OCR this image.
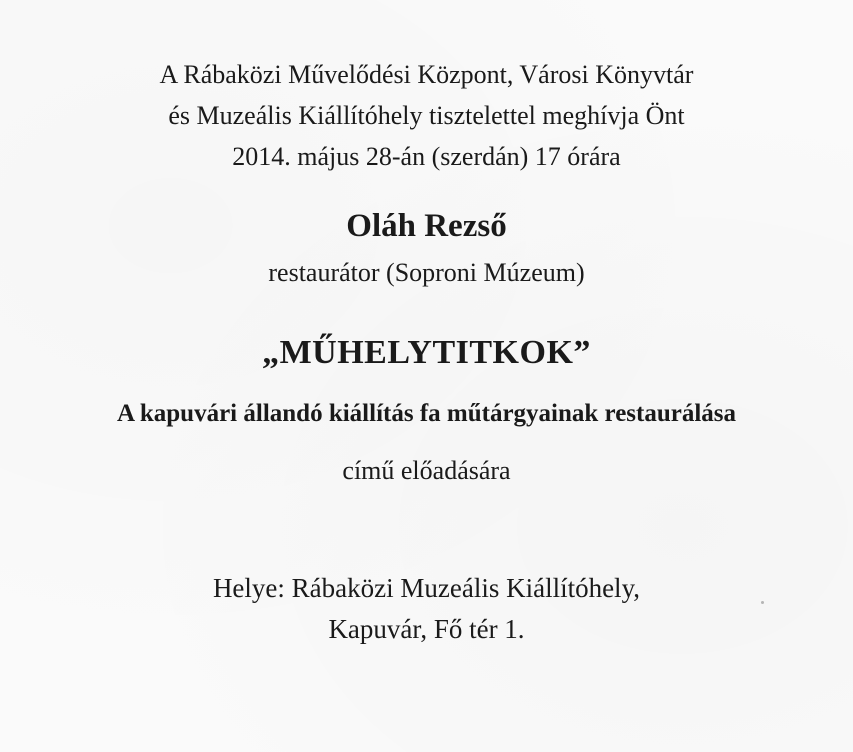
A Rábaközi Művelődési Központ, Városi Könyvtár
és Muzeális Kiállítóhely tisztelettel meghívja Önt
2014. május 28-án (szerdán) 17 órára
Oláh Rezső
restaurátor (Soproni Múzeum)
„MŰHELYTITKOK”
A kapuvári állandó kiállítás fa műtárgyainak restaurálása
című előadására
Helye: Rábaközi Muzeális Kiállítóhely,
Kapuvár, Fő tér 1.
